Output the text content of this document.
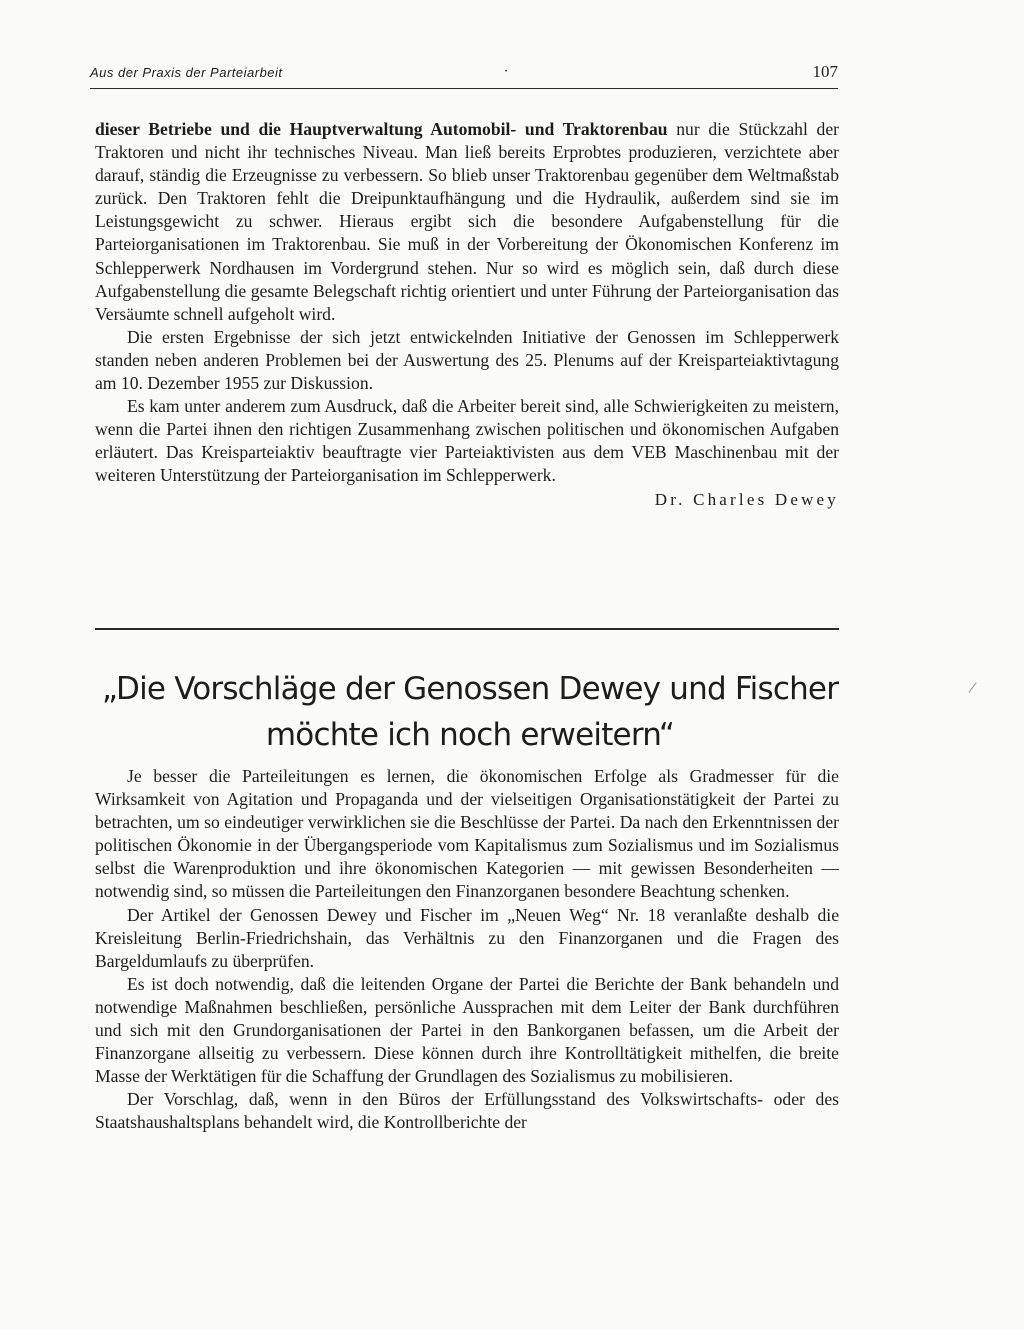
Aus der Praxis der Parteiarbeit	·	107

dieser Betriebe und die Hauptverwaltung Automobil- und Traktorenbau nur die Stückzahl der Traktoren und nicht ihr technisches Niveau. Man ließ bereits Erprobtes produzieren, verzichtete aber darauf, ständig die Erzeugnisse zu verbessern. So blieb unser Traktorenbau gegenüber dem Weltmaßstab zurück. Den Traktoren fehlt die Dreipunktaufhängung und die Hydraulik, außerdem sind sie im Leistungsgewicht zu schwer. Hieraus ergibt sich die besondere Aufgabenstellung für die Parteiorganisationen im Traktorenbau. Sie muß in der Vorbereitung der Ökonomischen Konferenz im Schlepperwerk Nordhausen im Vordergrund stehen. Nur so wird es möglich sein, daß durch diese Aufgabenstellung die gesamte Belegschaft richtig orientiert und unter Führung der Parteiorganisation das Versäumte schnell aufgeholt wird.

Die ersten Ergebnisse der sich jetzt entwickelnden Initiative der Genossen im Schlepperwerk standen neben anderen Problemen bei der Auswertung des 25. Plenums auf der Kreisparteiaktivtagung am 10. Dezember 1955 zur Diskussion.

Es kam unter anderem zum Ausdruck, daß die Arbeiter bereit sind, alle Schwierigkeiten zu meistern, wenn die Partei ihnen den richtigen Zusammenhang zwischen politischen und ökonomischen Aufgaben erläutert. Das Kreisparteiaktiv beauftragte vier Parteiaktivisten aus dem VEB Maschinenbau mit der weiteren Unterstützung der Parteiorganisation im Schlepperwerk.

Dr. Charles Dewey

„Die Vorschläge der Genossen Dewey und Fischer
möchte ich noch erweitern“

Je besser die Parteileitungen es lernen, die ökonomischen Erfolge als Gradmesser für die Wirksamkeit von Agitation und Propaganda und der vielseitigen Organisationstätigkeit der Partei zu betrachten, um so eindeutiger verwirklichen sie die Beschlüsse der Partei. Da nach den Erkenntnissen der politischen Ökonomie in der Übergangsperiode vom Kapitalismus zum Sozialismus und im Sozialismus selbst die Warenproduktion und ihre ökonomischen Kategorien — mit gewissen Besonderheiten — notwendig sind, so müssen die Parteileitungen den Finanzorganen besondere Beachtung schenken.

Der Artikel der Genossen Dewey und Fischer im „Neuen Weg“ Nr. 18 veranlaßte deshalb die Kreisleitung Berlin-Friedrichshain, das Verhältnis zu den Finanzorganen und die Fragen des Bargeldumlaufs zu überprüfen.

Es ist doch notwendig, daß die leitenden Organe der Partei die Berichte der Bank behandeln und notwendige Maßnahmen beschließen, persönliche Aussprachen mit dem Leiter der Bank durchführen und sich mit den Grundorganisationen der Partei in den Bankorganen befassen, um die Arbeit der Finanzorgane allseitig zu verbessern. Diese können durch ihre Kontrolltätigkeit mithelfen, die breite Masse der Werktätigen für die Schaffung der Grundlagen des Sozialismus zu mobilisieren.

Der Vorschlag, daß, wenn in den Büros der Erfüllungsstand des Volkswirtschafts- oder des Staatshaushaltsplans behandelt wird, die Kontrollberichte der

/
